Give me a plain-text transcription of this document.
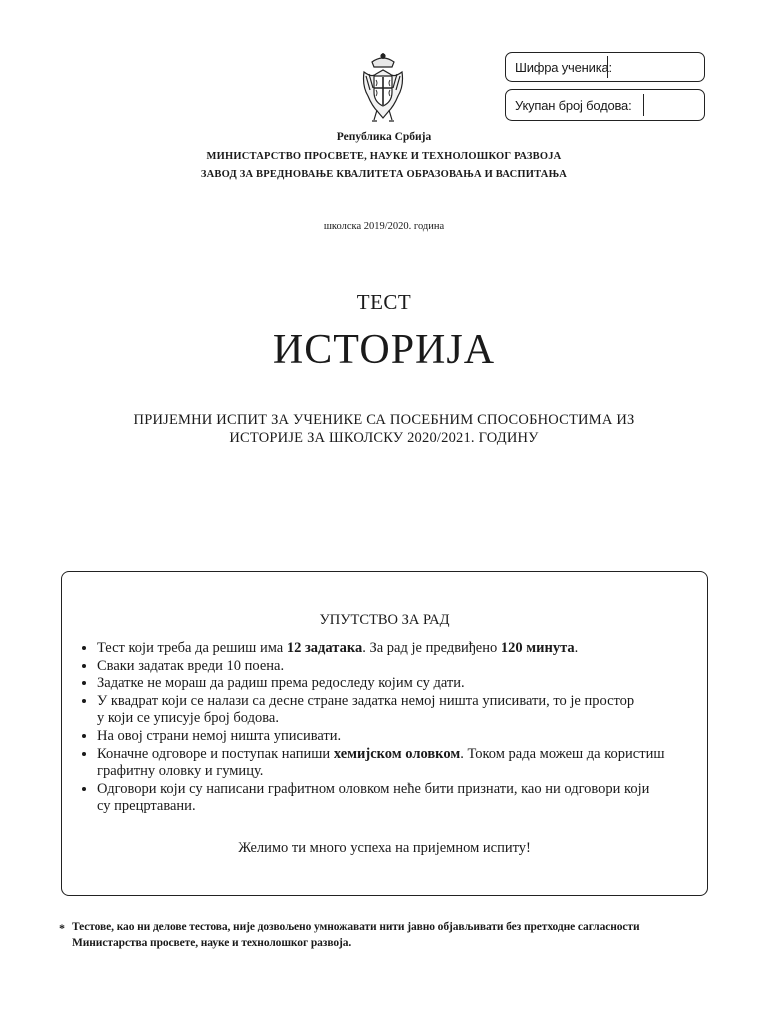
Шифра ученика:
Укупан број бодова:
Република Србија
МИНИСТАРСТВО ПРОСВЕТЕ, НАУКЕ И ТЕХНОЛОШКОГ РАЗВОЈА
ЗАВОД ЗА ВРЕДНОВАЊЕ КВАЛИТЕТА ОБРАЗОВАЊА И ВАСПИТАЊА
школска 2019/2020. година
ТЕСТ
ИСТОРИЈА
ПРИЈЕМНИ ИСПИТ ЗА УЧЕНИКЕ СА ПОСЕБНИМ СПОСОБНОСТИМА ИЗ
ИСТОРИЈЕ ЗА ШКОЛСКУ 2020/2021. ГОДИНУ
УПУТСТВО ЗА РАД
• Тест који треба да решиш има 12 задатака. За рад је предвиђено 120 минута.
• Сваки задатак вреди 10 поена.
• Задатке не мораш да радиш према редоследу којим су дати.
• У квадрат који се налази са десне стране задатка немој ништа уписивати, то је простор
у који се уписује број бодова.
• На овој страни немој ништа уписивати.
• Коначне одговоре и поступак напиши хемијском оловком. Током рада можеш да користиш
графитну оловку и гумицу.
• Одговори који су написани графитном оловком неће бити признати, као ни одговори који
су прецртавани.
Желимо ти много успеха на пријемном испиту!
* Тестове, као ни делове тестова, није дозвољено умножавати нити јавно објављивати без претходне сагласности
Министарства просвете, науке и технолошког развоја.
